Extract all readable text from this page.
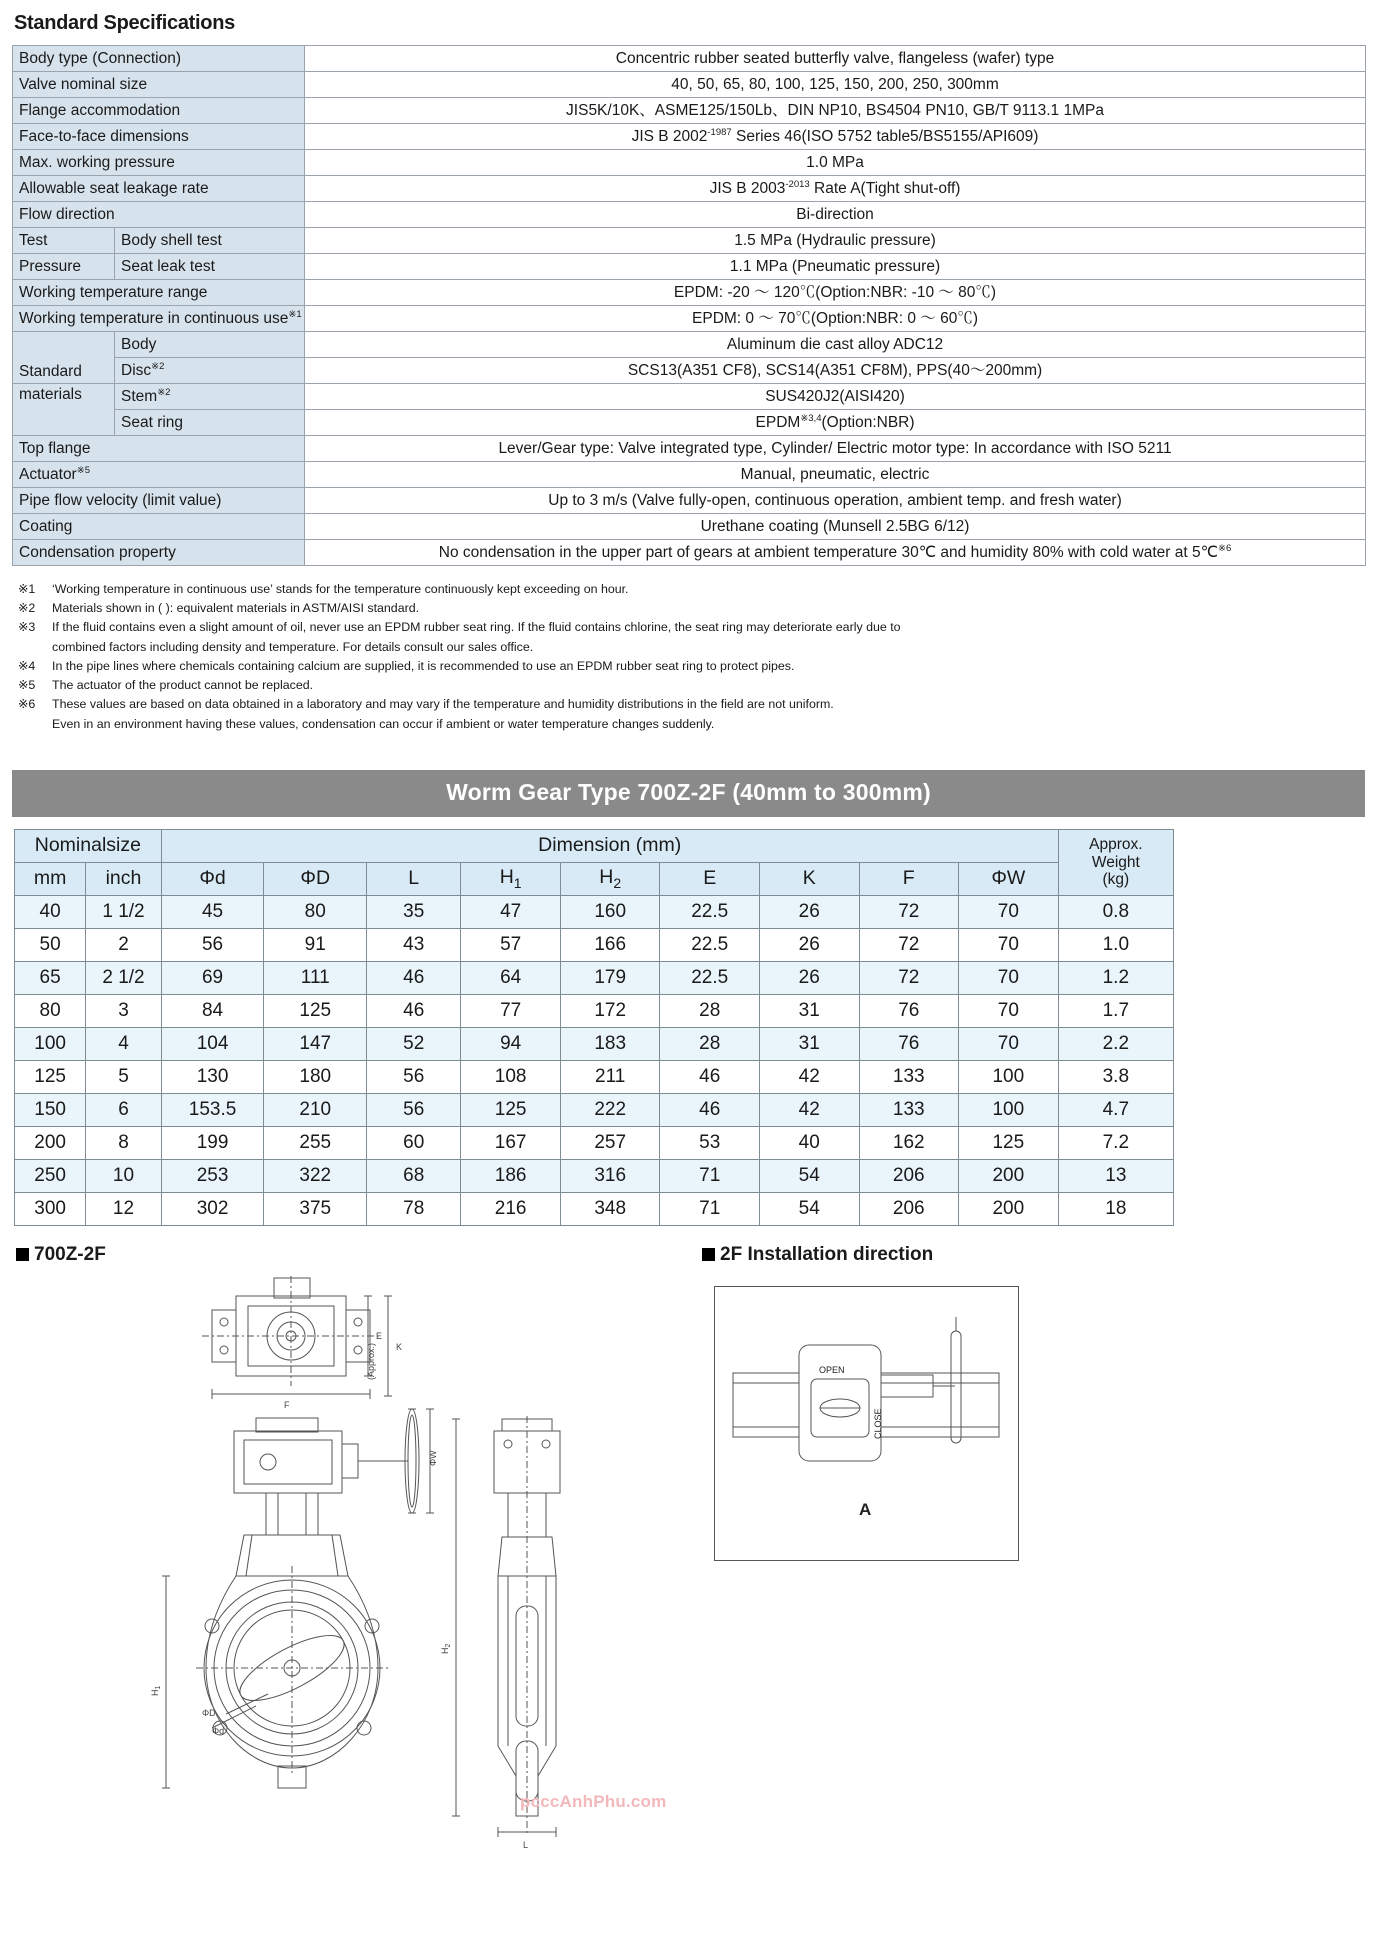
Standard Specifications
Body type (Connection)		Concentric rubber seated butterfly valve, flangeless (wafer) type
Valve nominal size		40, 50, 65, 80, 100, 125, 150, 200, 250, 300mm
Flange accommodation		JIS5K/10K、ASME125/150Lb、DIN NP10, BS4504 PN10, GB/T 9113.1 1MPa
Face-to-face dimensions		JIS B $2002^{-1987}$ Series 46(ISO 5752 table5/BS5155/API609)
Max. working pressure		1.0 MPa
Allowable seat leakage rate		JIS B $2003^{-2013}$ Rate A(Tight shut-off)
Flow direction		Bi-direction
Test	Body shell test	1.5 MPa (Hydraulic pressure)
Pressure	Seat leak test	1.1 MPa (Pneumatic pressure)
Working temperature range		EPDM: -20 ～ 120℃(Option:NBR: -10 ～ 80℃)
Working temperature in continuous use$^{※1}$		EPDM: 0 ～ 70℃(Option:NBR: 0 ～ 60℃)
Standard	Body	Aluminum die cast alloy ADC12
	Disc$^{※2}$	SCS13(A351 CF8), SCS14(A351 CF8M), PPS(40～200mm)
materials	Stem$^{※2}$	SUS420J2(AISI420)
	Seat ring	EPDM$^{※3,4}$(Option:NBR)
Top flange		Lever/Gear type: Valve integrated type, Cylinder/ Electric motor type: In accordance with ISO 5211
Actuator$^{※5}$		Manual, pneumatic, electric
Pipe flow velocity (limit value)		Up to 3 m/s (Valve fully-open, continuous operation, ambient temp. and fresh water)
Coating		Urethane coating (Munsell 2.5BG 6/12)
Condensation property		No condensation in the upper part of gears at ambient temperature 30℃ and humidity 80% with cold water at 5℃$^{※6}$
※1	‘Working temperature in continuous use’ stands for the temperature continuously kept exceeding on hour.
※2	Materials shown in ( ): equivalent materials in ASTM/AISI standard.
※3	If the fluid contains even a slight amount of oil, never use an EPDM rubber seat ring. If the fluid contains chlorine, the seat ring may deteriorate early due to
combined factors including density and temperature. For details consult our sales office.
※4	In the pipe lines where chemicals containing calcium are supplied, it is recommended to use an EPDM rubber seat ring to protect pipes.
※5	The actuator of the product cannot be replaced.
※6	These values are based on data obtained in a laboratory and may vary if the temperature and humidity distributions in the field are not uniform.
Even in an environment having these values, condensation can occur if ambient or water temperature changes suddenly.
Worm Gear Type 700Z-2F (40mm to 300mm)
Nominalsize		Dimension (mm)									Approx.
Weight
(kg)
mm	inch	Φd	ΦD	L	$H_1$	$H_2$	E	K	F	ΦW	
40	1 1/2	45	80	35	47	160	22.5	26	72	70	0.8
50	2	56	91	43	57	166	22.5	26	72	70	1.0
65	2 1/2	69	111	46	64	179	22.5	26	72	70	1.2
80	3	84	125	46	77	172	28	31	76	70	1.7
100	4	104	147	52	94	183	28	31	76	70	2.2
125	5	130	180	56	108	211	46	42	133	100	3.8
150	6	153.5	210	56	125	222	46	42	133	100	4.7
200	8	199	255	60	167	257	53	40	162	125	7.2
250	10	253	322	68	186	316	71	54	206	200	13
300	12	302	375	78	216	348	71	54	206	200	18
700Z-2F
E
K
(Approx.)
F
ΦW
$H_2$
$H_1$
L
ΦD
Φd
2F Installation direction
OPEN
CLOSE
A
pcccAnhPhu.com
